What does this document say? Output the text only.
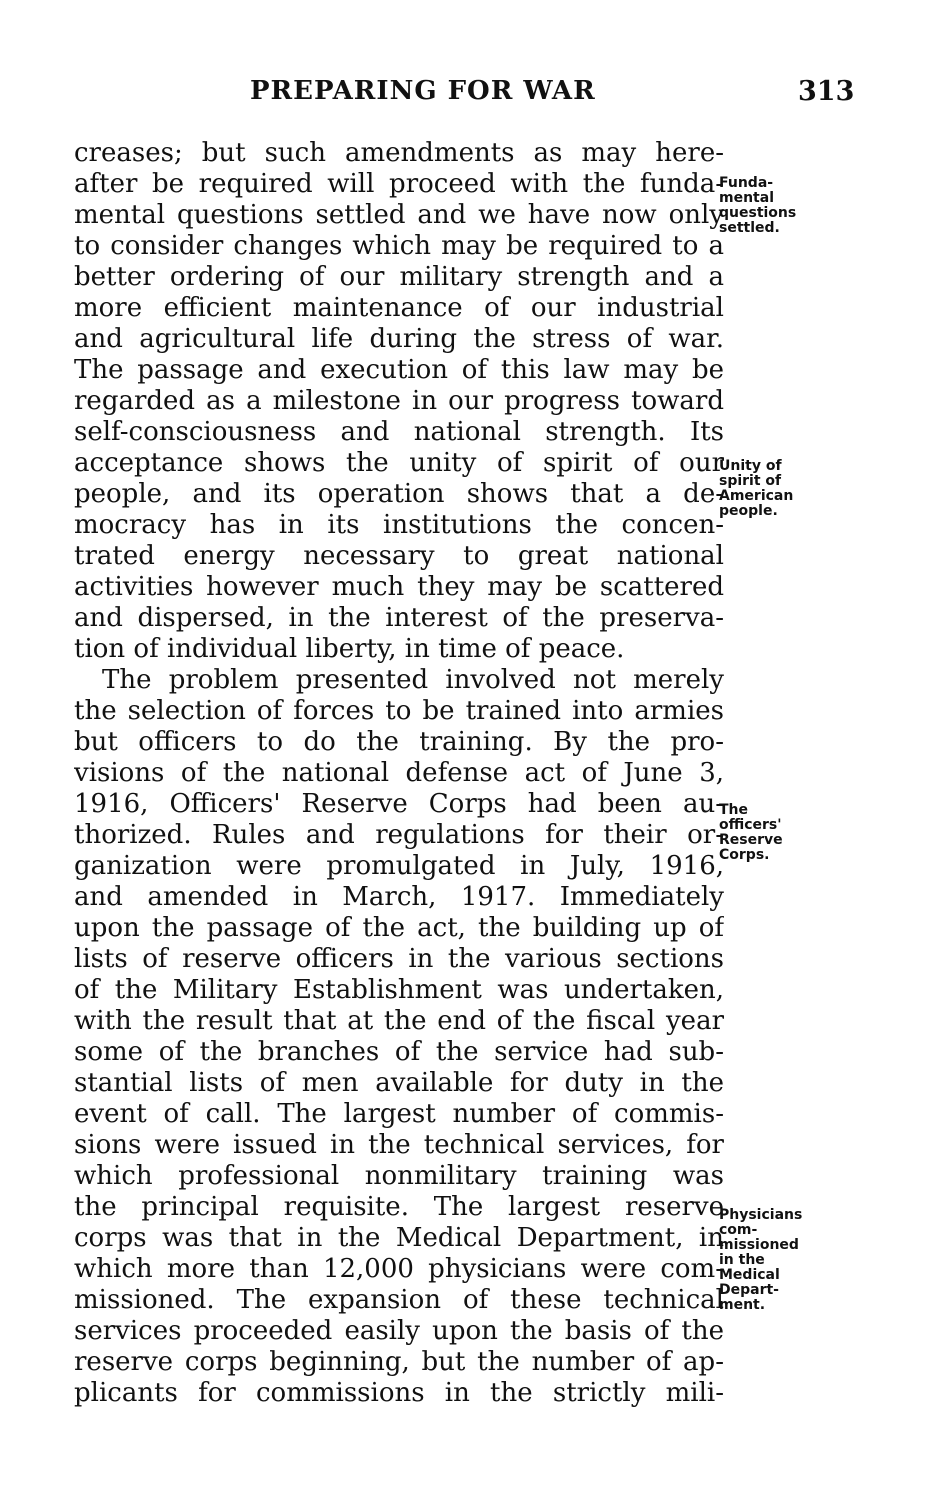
PREPARING FOR WAR	313
creases; but such amendments as may here-
after be required will proceed with the funda-
mental questions settled and we have now only
to consider changes which may be required to a
better ordering of our military strength and a
more efficient maintenance of our industrial
and agricultural life during the stress of war.
The passage and execution of this law may be
regarded as a milestone in our progress toward
self-consciousness and national strength. Its
acceptance shows the unity of spirit of our
people, and its operation shows that a de-
mocracy has in its institutions the concen-
trated energy necessary to great national
activities however much they may be scattered
and dispersed, in the interest of the preserva-
tion of individual liberty, in time of peace.
The problem presented involved not merely
the selection of forces to be trained into armies
but officers to do the training. By the pro-
visions of the national defense act of June 3,
1916, Officers' Reserve Corps had been au-
thorized. Rules and regulations for their or-
ganization were promulgated in July, 1916,
and amended in March, 1917. Immediately
upon the passage of the act, the building up of
lists of reserve officers in the various sections
of the Military Establishment was undertaken,
with the result that at the end of the fiscal year
some of the branches of the service had sub-
stantial lists of men available for duty in the
event of call. The largest number of commis-
sions were issued in the technical services, for
which professional nonmilitary training was
the principal requisite. The largest reserve
corps was that in the Medical Department, in
which more than 12,000 physicians were com-
missioned. The expansion of these technical
services proceeded easily upon the basis of the
reserve corps beginning, but the number of ap-
plicants for commissions in the strictly mili-
Funda-
mental
questions
settled.
Unity of
spirit of
American
people.
The
officers'
Reserve
Corps.
Physicians
com-
missioned
in the
Medical
Depart-
ment.
